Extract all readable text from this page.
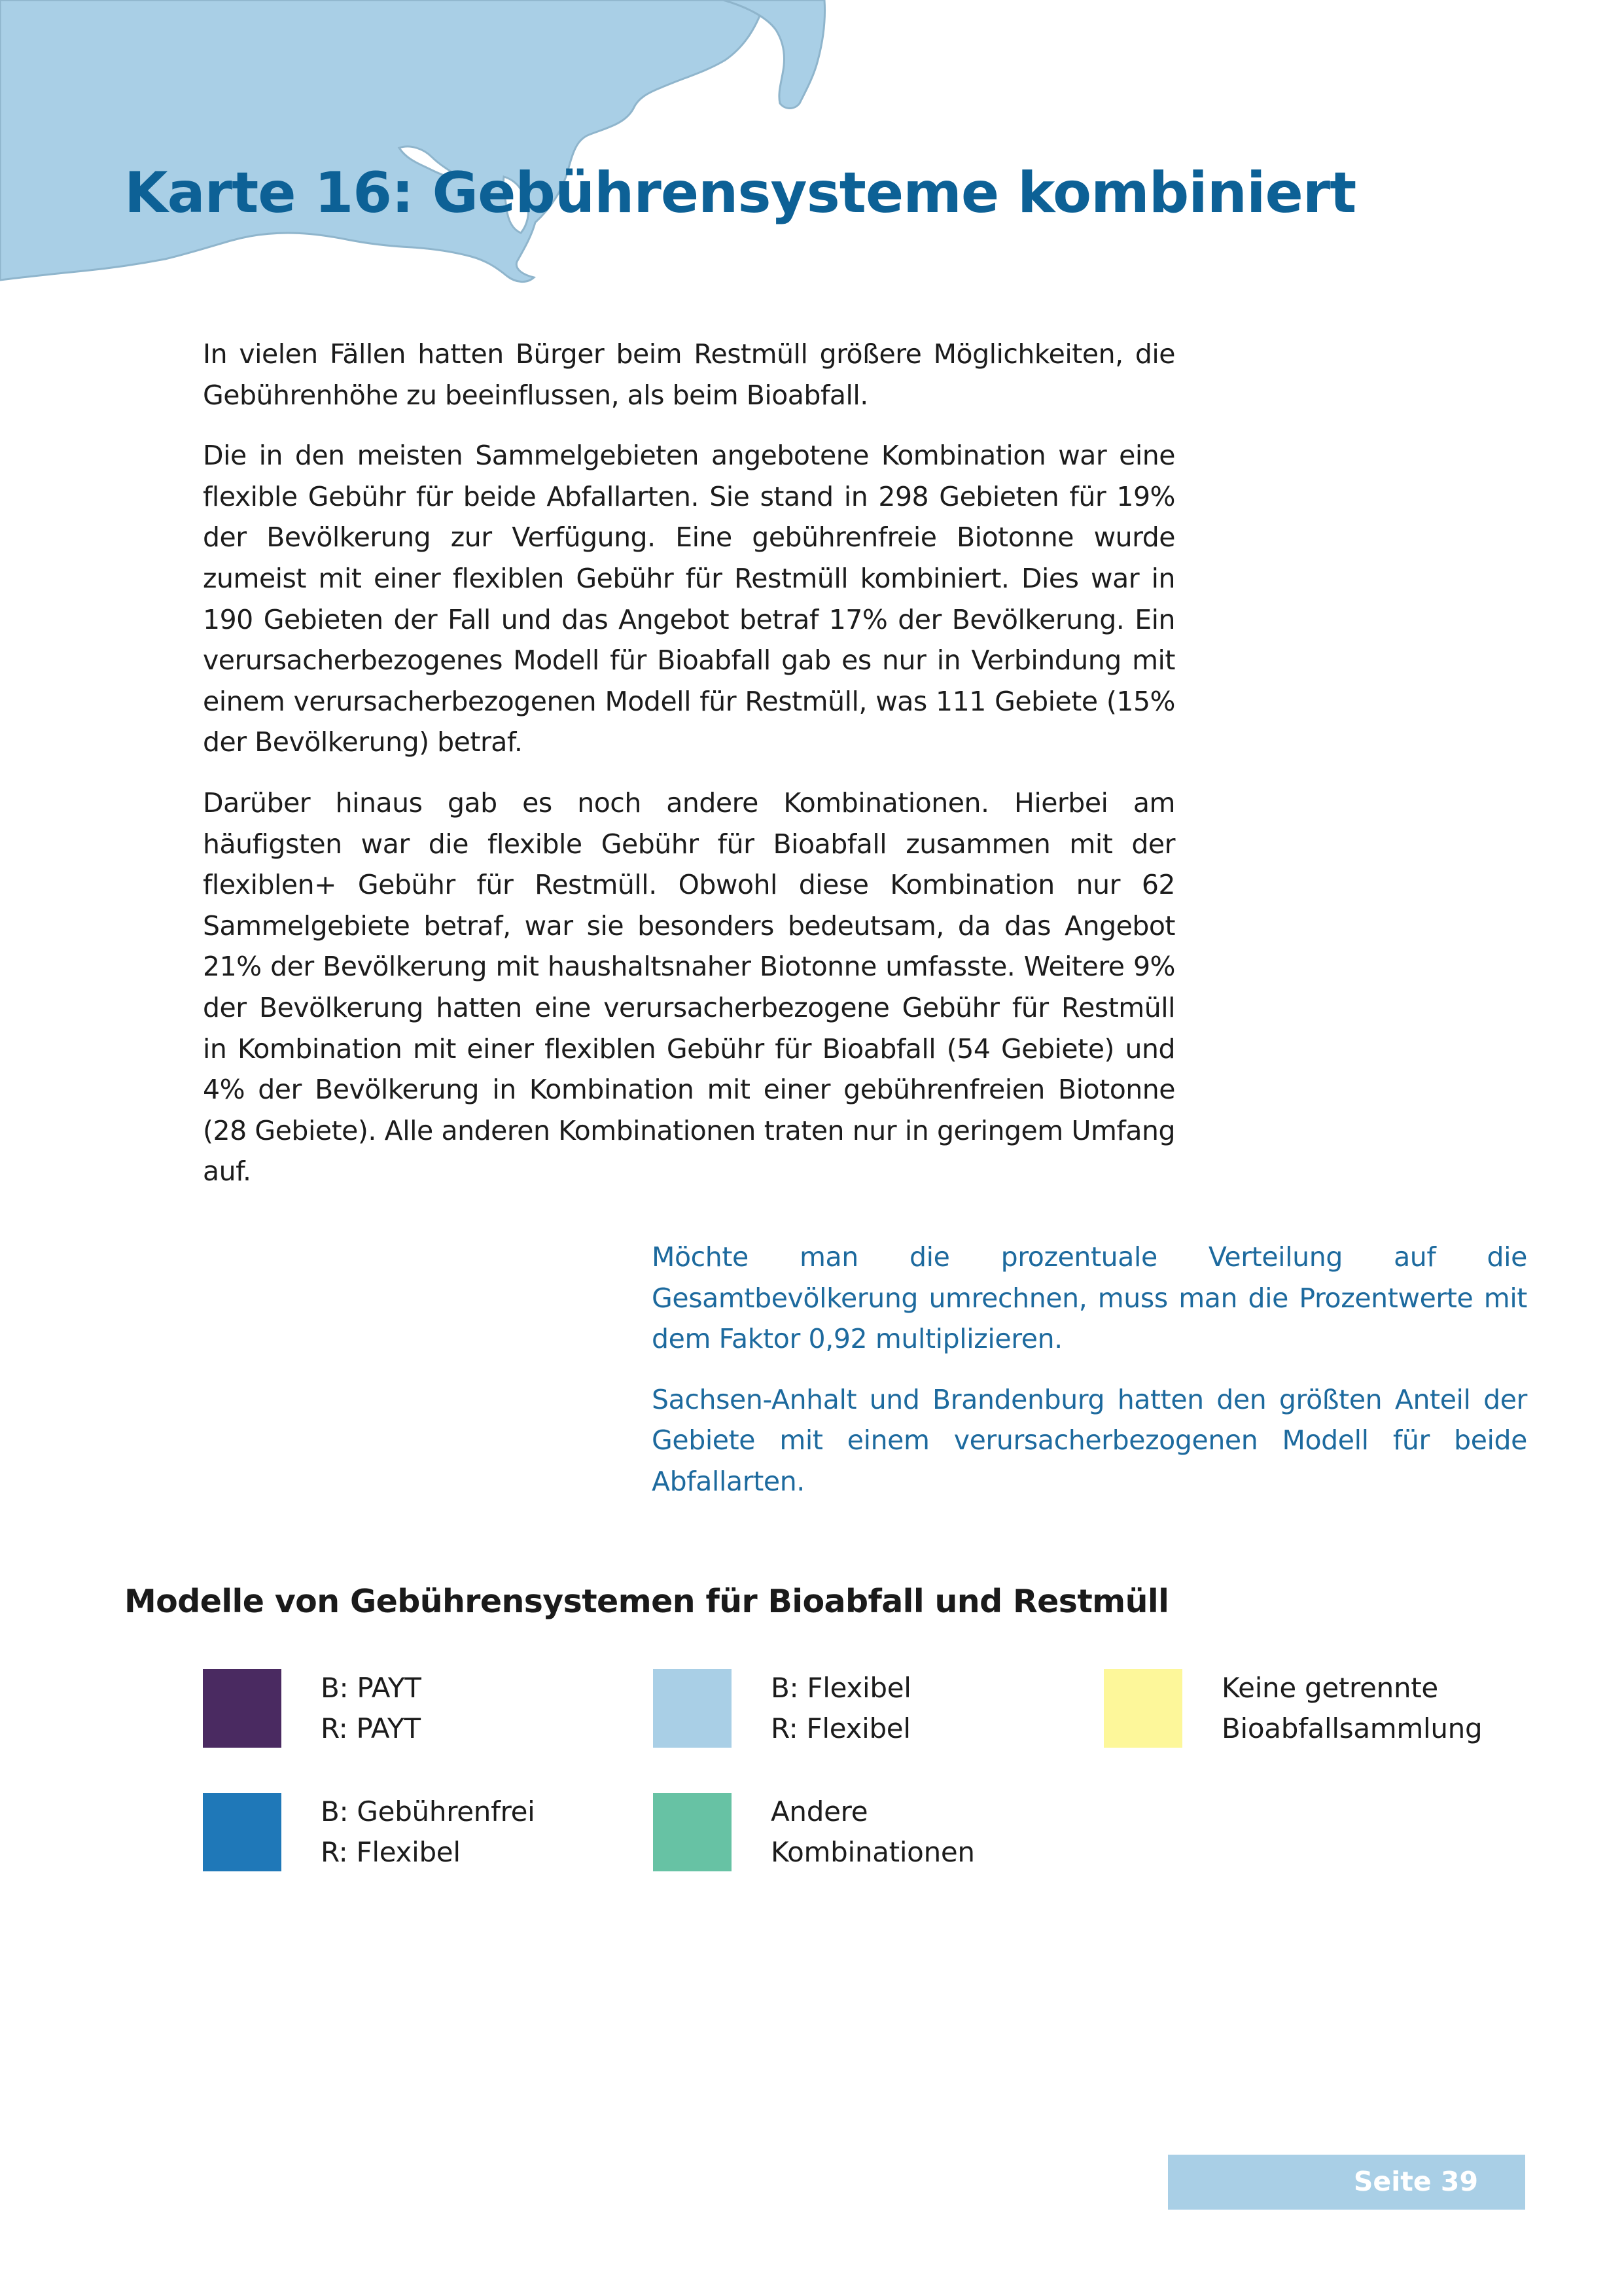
Karte 16: Gebührensysteme kombiniert

In vielen Fällen hatten Bürger beim Restmüll größere Möglichkeiten, die Gebührenhöhe zu beeinflussen, als beim Bioabfall.

Die in den meisten Sammelgebieten angebotene Kombination war eine flexible Gebühr für beide Abfallarten. Sie stand in 298 Gebieten für 19% der Bevölkerung zur Verfügung. Eine gebührenfreie Biotonne wurde zumeist mit einer flexiblen Gebühr für Restmüll kombiniert. Dies war in 190 Gebieten der Fall und das Angebot betraf 17% der Bevölkerung. Ein verursacherbezogenes Modell für Bioabfall gab es nur in Verbindung mit einem verursacherbezogenen Modell für Restmüll, was 111 Gebiete (15% der Bevölkerung) betraf.

Darüber hinaus gab es noch andere Kombinationen. Hierbei am häufigsten war die flexible Gebühr für Bioabfall zusammen mit der flexiblen+ Gebühr für Restmüll. Obwohl diese Kombination nur 62 Sammelgebiete betraf, war sie besonders bedeutsam, da das Angebot 21% der Bevölkerung mit haushaltsnaher Biotonne umfasste. Weitere 9% der Bevölkerung hatten eine verursacherbezogene Gebühr für Restmüll in Kombination mit einer flexiblen Gebühr für Bioabfall (54 Gebiete) und 4% der Bevölkerung in Kombination mit einer gebührenfreien Biotonne (28 Gebiete). Alle anderen Kombinationen traten nur in geringem Umfang auf.

Möchte man die prozentuale Verteilung auf die Gesamtbevölkerung umrechnen, muss man die Prozentwerte mit dem Faktor 0,92 multiplizieren.

Sachsen-Anhalt und Brandenburg hatten den größten Anteil der Gebiete mit einem verursacherbezogenen Modell für beide Abfallarten.

Modelle von Gebührensystemen für Bioabfall und Restmüll
B: PAYT
R: PAYT
B: Flexibel
R: Flexibel
Keine getrennte
Bioabfallsammlung
B: Gebührenfrei
R: Flexibel
Andere
Kombinationen
Seite 39
